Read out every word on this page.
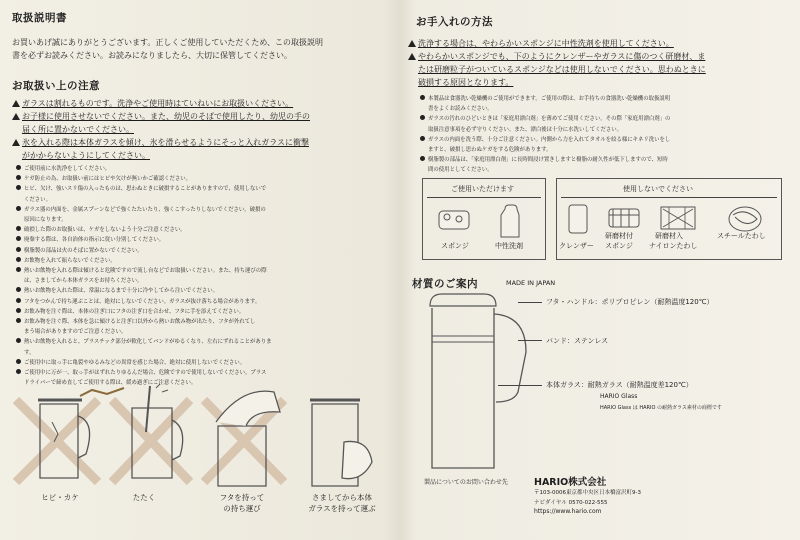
取扱説明書

お買いあげ誠にありがとうございます。正しくご使用していただくため、この取扱説明

書を必ずお読みください。お読みになりましたら、大切に保管してください。

お取扱い上の注意

ガラスは割れるものです。洗浄やご使用時はていねいにお取扱いください。

お子様に使用させないでください。また、幼児のそばで使用したり、幼児の手の

届く所に置かないでください。

氷を入れる際は本体ガラスを傾け、氷を滑らせるようにそっと入れガラスに衝撃

がかからないようにしてください。

ご使用前に水洗浄をしてください。

ケガ防止の為、お取扱い前にはヒビや欠けが無いかご確認ください。

ヒビ、欠け、強いスリ傷の入ったものは、思わぬときに破損することがありますので、使用しないで

ください。

ガラス器の内面を、金属スプーンなどで強くたたいたり、強くこすったりしないでください。破損の

原因になります。

破損した際のお取扱いは、ケガをしないよう十分ご注意ください。

廃棄する際は、各自治体の指示に従い分別してください。

樹脂製の部品は火のそばに置かないでください。

お飲物を入れて振らないでください。

熱いお飲物を入れる際は傾けると危険ですので流し台などでお取扱いください。また、持ち運びの際

は、さましてから本体ガラスをお持ちください。

熱いお飲物を入れた際は、常温になるまで十分に冷やしてから注いでください。

フタをつかんで持ち運ぶことは、絶対にしないでください。ガラスが抜け落ちる場合があります。

お飲み物を注ぐ際は、本体の注ぎ口にフタの注ぎ口を合わせ、フタに手を添えてください。

お飲み物を注ぐ際、本体を急に傾けると注ぎ口以外から熱いお飲み物が出たり、フタが外れてし

まう場合がありますのでご注意ください。

熱いお飲物を入れると、プラスチック部分が軟化してバンドがゆるくなり、左右にずれることがありま

す。

ご使用中に取っ手に亀裂やゆるみなどの異常を感じた場合、絶対に使用しないでください。

ご使用中に万が一、取っ手がはずれたりゆるんだ場合、危険ですので使用しないでください。プラス

ドライバーで締め直してご使用する際は、緩め過ぎにご注意ください。

ヒビ・カケ	たたく	フタを持って
の持ち運び
さましてから本体
ガラスを持って運ぶ
お手入れの方法

洗浄する場合は、やわらかいスポンジに中性洗剤を使用してください。

やわらかいスポンジでも、下のようにクレンザーやガラスに傷のつく研磨材、ま

たは研磨粒子がついているスポンジなどは使用しないでください。思わぬときに

破損する原因となります。

本製品は食器洗い乾燥機のご使用ができます。ご使用の際は、お手持ちの食器洗い乾燥機の取扱説明

書をよくお読みください。

ガラスの汚れのひどいときは「家庭用漂白剤」を薄めてご使用ください。その際「家庭用漂白剤」の

取扱注意事項を必ず守りください。また、漂白後は十分に水洗いしてください。

ガラスの内面を洗う際、十分ご注意ください。内側から力を入れてタオルを絞る様にキネリ洗いをし

ますと、破損し思わぬケガをする危険があります。

樹脂製の部品は、「家庭用漂白剤」に長時間浸け置きしますと樹脂の耐久性が低下しますので、短時

間の使用としてください。

ご使用いただけます
スポンジ	中性洗剤
使用しないでください
クレンザー
研磨材付
スポンジ
研磨材入
ナイロンたわし
スチールたわし
材質のご案内	MADE IN JAPAN
フタ・ハンドル：ポリプロピレン（耐熱温度120℃）
バンド：ステンレス
本体ガラス：耐熱ガラス（耐熱温度差120℃）
HARIO Glass
HARIO Glass は HARIO の耐熱ガラス素材の商標です
製品についてのお問い合わせ先	HARIO株式会社
〒103-0006東京都中央区日本橋富沢町9-3
ナビダイヤル 0570-022-555
https://www.hario.com
